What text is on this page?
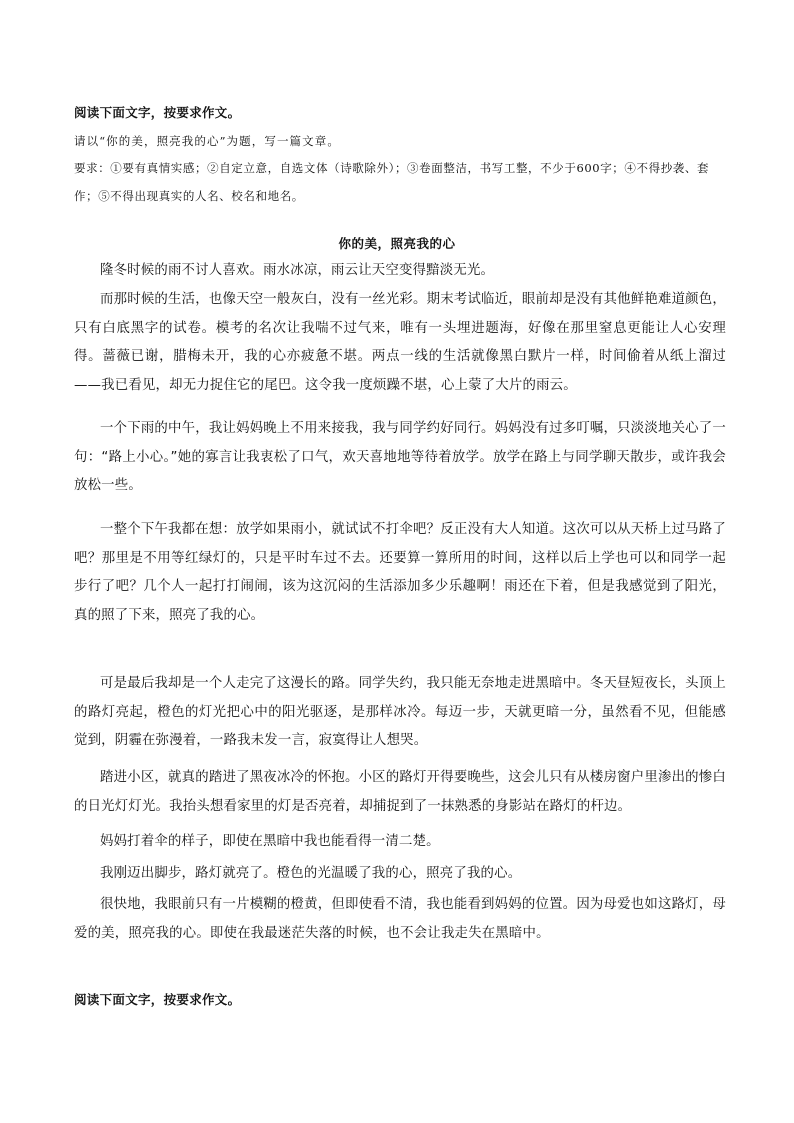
阅读下面文字，按要求作文。
请以“你的美，照亮我的心”为题，写一篇文章。
要求：①要有真情实感；②自定立意，自选文体（诗歌除外）；③卷面整洁，书写工整，不少于600字；④不得抄袭、套作；⑤不得出现真实的人名、校名和地名。
你的美，照亮我的心
隆冬时候的雨不讨人喜欢。雨水冰凉，雨云让天空变得黯淡无光。
而那时候的生活，也像天空一般灰白，没有一丝光彩。期末考试临近，眼前却是没有其他鲜艳难道颜色，只有白底黑字的试卷。模考的名次让我喘不过气来，唯有一头埋进题海，好像在那里窒息更能让人心安理得。蔷薇已谢，腊梅未开，我的心亦疲惫不堪。两点一线的生活就像黑白默片一样，时间偷着从纸上溜过——我已看见，却无力捉住它的尾巴。这令我一度烦躁不堪，心上蒙了大片的雨云。
一个下雨的中午，我让妈妈晚上不用来接我，我与同学约好同行。妈妈没有过多叮嘱，只淡淡地关心了一句：“路上小心。”她的寡言让我衷松了口气，欢天喜地地等待着放学。放学在路上与同学聊天散步，或许我会放松一些。
一整个下午我都在想：放学如果雨小，就试试不打伞吧？反正没有大人知道。这次可以从天桥上过马路了吧？那里是不用等红绿灯的，只是平时车过不去。还要算一算所用的时间，这样以后上学也可以和同学一起步行了吧？几个人一起打打闹闹，该为这沉闷的生活添加多少乐趣啊！雨还在下着，但是我感觉到了阳光，真的照了下来，照亮了我的心。
可是最后我却是一个人走完了这漫长的路。同学失约，我只能无奈地走进黑暗中。冬天昼短夜长，头顶上的路灯亮起，橙色的灯光把心中的阳光驱逐，是那样冰冷。每迈一步，天就更暗一分，虽然看不见，但能感觉到，阴霾在弥漫着，一路我未发一言，寂寞得让人想哭。
踏进小区，就真的踏进了黑夜冰冷的怀抱。小区的路灯开得要晚些，这会儿只有从楼房窗户里渗出的惨白的日光灯灯光。我抬头想看家里的灯是否亮着，却捕捉到了一抹熟悉的身影站在路灯的杆边。
妈妈打着伞的样子，即使在黑暗中我也能看得一清二楚。
我刚迈出脚步，路灯就亮了。橙色的光温暖了我的心，照亮了我的心。
很快地，我眼前只有一片模糊的橙黄，但即使看不清，我也能看到妈妈的位置。因为母爱也如这路灯，母爱的美，照亮我的心。即使在我最迷茫失落的时候，也不会让我走失在黑暗中。
阅读下面文字，按要求作文。
